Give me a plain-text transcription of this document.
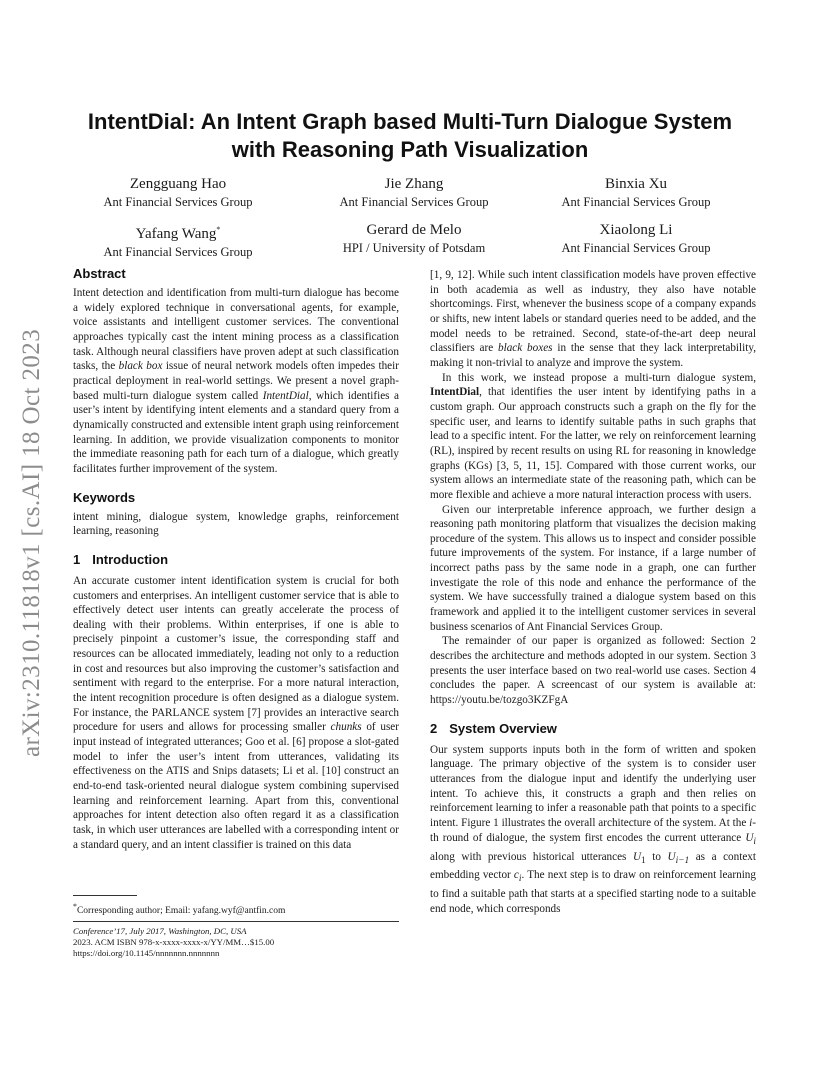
arXiv:2310.11818v1 [cs.AI] 18 Oct 2023
IntentDial: An Intent Graph based Multi-Turn Dialogue System
with Reasoning Path Visualization
Zengguang Hao
Ant Financial Services Group
Jie Zhang
Ant Financial Services Group
Binxia Xu
Ant Financial Services Group
Yafang Wang*
Ant Financial Services Group
Gerard de Melo
HPI / University of Potsdam
Xiaolong Li
Ant Financial Services Group
Abstract

Intent detection and identification from multi-turn dialogue has become a widely explored technique in conversational agents, for example, voice assistants and intelligent customer services. The conventional approaches typically cast the intent mining process as a classification task. Although neural classifiers have proven adept at such classification tasks, the black box issue of neural network models often impedes their practical deployment in real-world settings. We present a novel graph-based multi-turn dialogue system called IntentDial, which identifies a user’s intent by identifying intent elements and a standard query from a dynamically constructed and extensible intent graph using reinforcement learning. In addition, we provide visualization components to monitor the immediate reasoning path for each turn of a dialogue, which greatly facilitates further improvement of the system.

Keywords

intent mining, dialogue system, knowledge graphs, reinforcement learning, reasoning

1 Introduction

An accurate customer intent identification system is crucial for both customers and enterprises. An intelligent customer service that is able to effectively detect user intents can greatly accelerate the process of dealing with their problems. Within enterprises, if one is able to precisely pinpoint a customer’s issue, the corresponding staff and resources can be allocated immediately, leading not only to a reduction in cost and resources but also improving the customer’s satisfaction and sentiment with regard to the enterprise. For a more natural interaction, the intent recognition procedure is often designed as a dialogue system. For instance, the PARLANCE system [7] provides an interactive search procedure for users and allows for processing smaller chunks of user input instead of integrated utterances; Goo et al. [6] propose a slot-gated model to infer the user’s intent from utterances, validating its effectiveness on the ATIS and Snips datasets; Li et al. [10] construct an end-to-end task-oriented neural dialogue system combining supervised learning and reinforcement learning. Apart from this, conventional approaches for intent detection also often regard it as a classification task, in which user utterances are labelled with a corresponding intent or a standard query, and an intent classifier is trained on this data

*Corresponding author; Email: yafang.wyf@antfin.com
Conference’17, July 2017, Washington, DC, USA
2023. ACM ISBN 978-x-xxxx-xxxx-x/YY/MM…$15.00
https://doi.org/10.1145/nnnnnnn.nnnnnnn

[1, 9, 12]. While such intent classification models have proven effective in both academia as well as industry, they also have notable shortcomings. First, whenever the business scope of a company expands or shifts, new intent labels or standard queries need to be added, and the model needs to be retrained. Second, state-of-the-art deep neural classifiers are black boxes in the sense that they lack interpretability, making it non-trivial to analyze and improve the system.

In this work, we instead propose a multi-turn dialogue system, IntentDial, that identifies the user intent by identifying paths in a custom graph. Our approach constructs such a graph on the fly for the specific user, and learns to identify suitable paths in such graphs that lead to a specific intent. For the latter, we rely on reinforcement learning (RL), inspired by recent results on using RL for reasoning in knowledge graphs (KGs) [3, 5, 11, 15]. Compared with those current works, our system allows an intermediate state of the reasoning path, which can be more flexible and achieve a more natural interaction process with users.

Given our interpretable inference approach, we further design a reasoning path monitoring platform that visualizes the decision making procedure of the system. This allows us to inspect and consider possible future improvements of the system. For instance, if a large number of incorrect paths pass by the same node in a graph, one can further investigate the role of this node and enhance the performance of the system. We have successfully trained a dialogue system based on this framework and applied it to the intelligent customer services in several business scenarios of Ant Financial Services Group.

The remainder of our paper is organized as followed: Section 2 describes the architecture and methods adopted in our system. Section 3 presents the user interface based on two real-world use cases. Section 4 concludes the paper. A screencast of our system is available at: https://youtu.be/tozgo3KZFgA

2 System Overview

Our system supports inputs both in the form of written and spoken language. The primary objective of the system is to consider user utterances from the dialogue input and identify the underlying user intent. To achieve this, it constructs a graph and then relies on reinforcement learning to infer a reasonable path that points to a specific intent. Figure 1 illustrates the overall architecture of the system. At the i-th round of dialogue, the system first encodes the current utterance $U_i$ along with previous historical utterances $U_1$ to $U_{i-1}$ as a context embedding vector $c_i$. The next step is to draw on reinforcement learning to find a suitable path that starts at a specified starting node to a suitable end node, which corresponds
